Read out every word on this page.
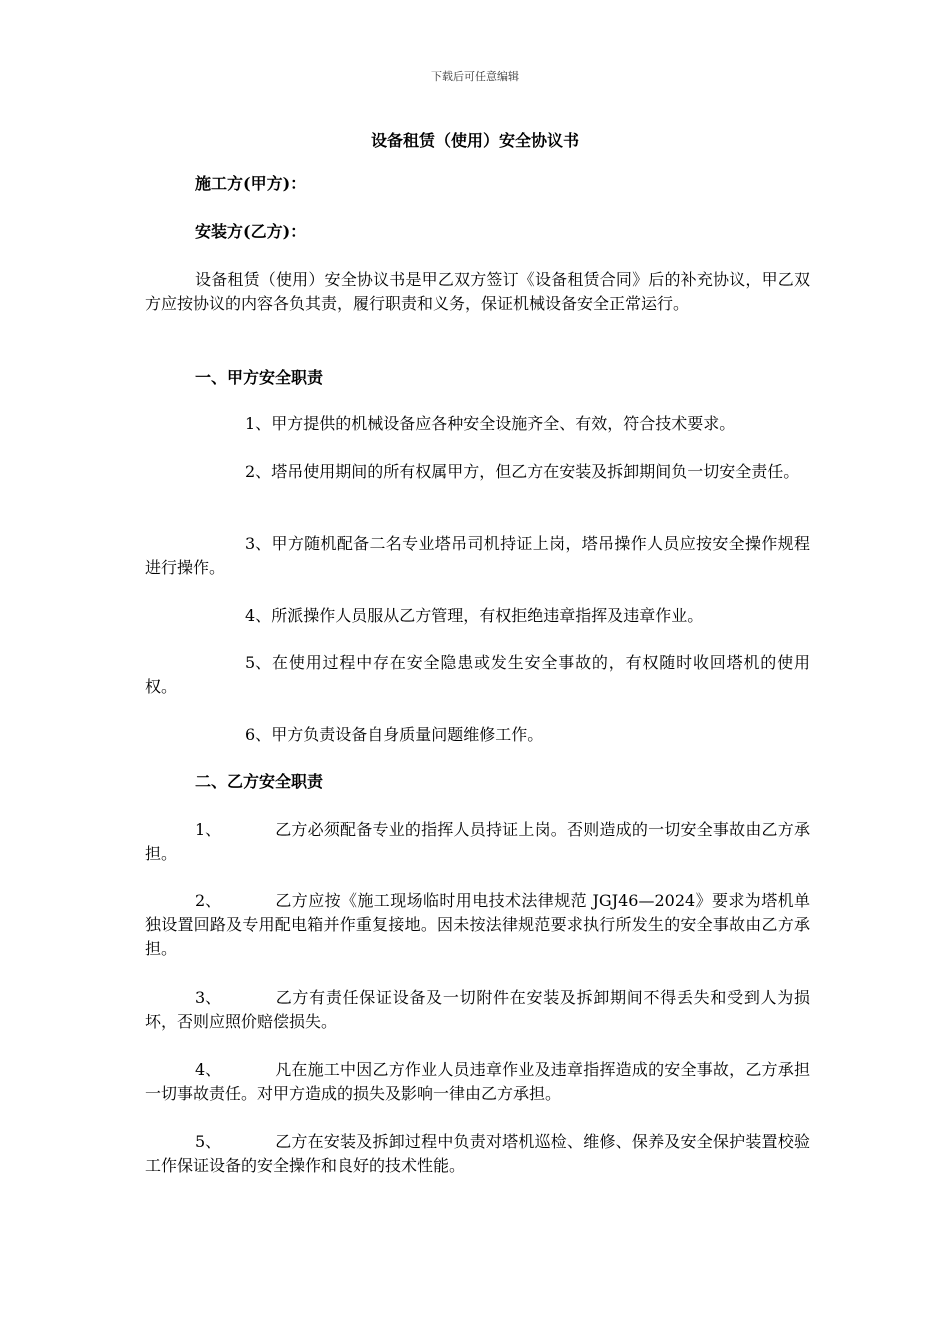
下载后可任意编辑
设备租赁（使用）安全协议书

施工方(甲方)：

安装方(乙方)：

设备租赁（使用）安全协议书是甲乙双方签订《设备租赁合同》后的补充协议，甲乙双方应按协议的内容各负其责，履行职责和义务，保证机械设备安全正常运行。

一、甲方安全职责

1、甲方提供的机械设备应各种安全设施齐全、有效，符合技术要求。

2、塔吊使用期间的所有权属甲方，但乙方在安装及拆卸期间负一切安全责任。

3、甲方随机配备二名专业塔吊司机持证上岗，塔吊操作人员应按安全操作规程进行操作。

4、所派操作人员服从乙方管理，有权拒绝违章指挥及违章作业。

5、在使用过程中存在安全隐患或发生安全事故的，有权随时收回塔机的使用权。

6、甲方负责设备自身质量问题维修工作。

二、乙方安全职责

1、	乙方必须配备专业的指挥人员持证上岗。否则造成的一切安全事故由乙方承担。

2、	乙方应按《施工现场临时用电技术法律规范 JGJ46—2024》要求为塔机单独设置回路及专用配电箱并作重复接地。因未按法律规范要求执行所发生的安全事故由乙方承担。

3、	乙方有责任保证设备及一切附件在安装及拆卸期间不得丢失和受到人为损坏，否则应照价赔偿损失。

4、	凡在施工中因乙方作业人员违章作业及违章指挥造成的安全事故，乙方承担一切事故责任。对甲方造成的损失及影响一律由乙方承担。

5、	乙方在安装及拆卸过程中负责对塔机巡检、维修、保养及安全保护装置校验工作保证设备的安全操作和良好的技术性能。
